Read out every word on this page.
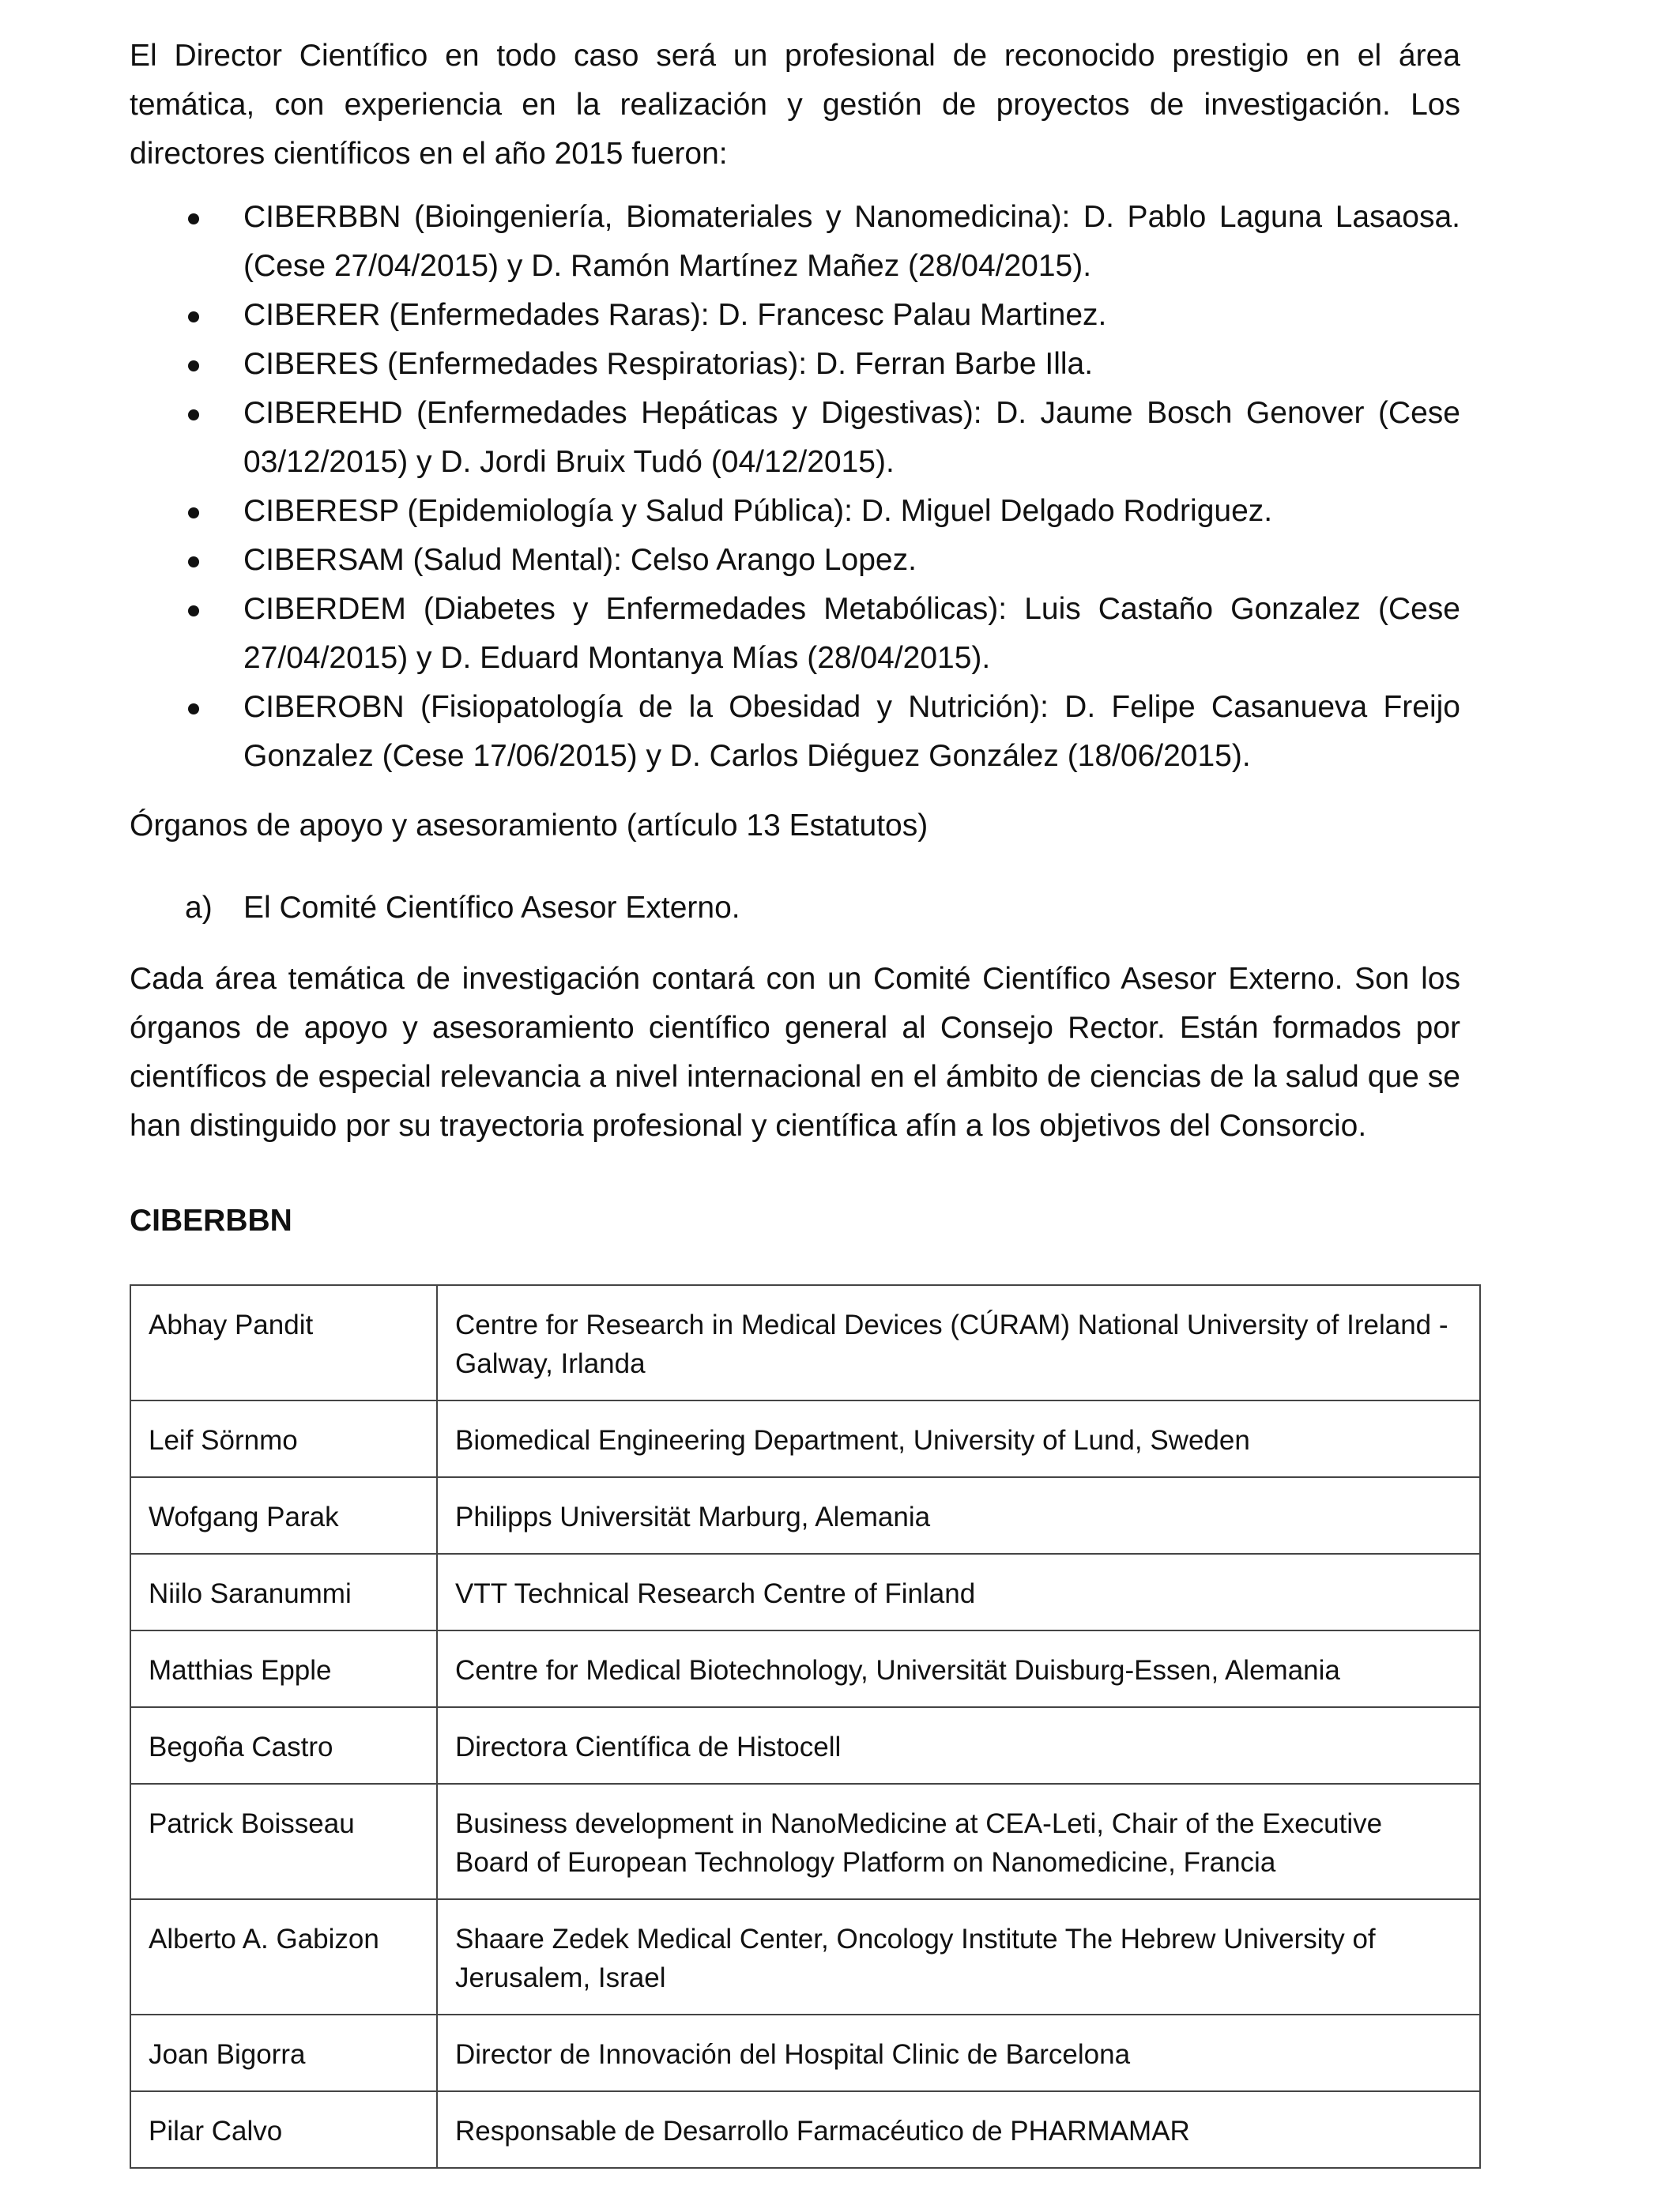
El Director Científico en todo caso será un profesional de reconocido prestigio en el área temática, con experiencia en la realización y gestión de proyectos de investigación. Los directores científicos en el año 2015 fueron:

CIBERBBN (Bioingeniería, Biomateriales y Nanomedicina): D. Pablo Laguna Lasaosa. (Cese 27/04/2015) y D. Ramón Martínez Mañez (28/04/2015).
CIBERER (Enfermedades Raras): D. Francesc Palau Martinez.
CIBERES (Enfermedades Respiratorias): D. Ferran Barbe Illa.
CIBEREHD (Enfermedades Hepáticas y Digestivas): D. Jaume Bosch Genover (Cese 03/12/2015) y D. Jordi Bruix Tudó (04/12/2015).
CIBERESP (Epidemiología y Salud Pública): D. Miguel Delgado Rodriguez.
CIBERSAM (Salud Mental): Celso Arango Lopez.
CIBERDEM (Diabetes y Enfermedades Metabólicas): Luis Castaño Gonzalez (Cese 27/04/2015) y D. Eduard Montanya Mías (28/04/2015).
CIBEROBN (Fisiopatología de la Obesidad y Nutrición): D. Felipe Casanueva Freijo Gonzalez (Cese 17/06/2015) y D. Carlos Diéguez González (18/06/2015).

Órganos de apoyo y asesoramiento (artículo 13 Estatutos)

a) El Comité Científico Asesor Externo.

Cada área temática de investigación contará con un Comité Científico Asesor Externo. Son los órganos de apoyo y asesoramiento científico general al Consejo Rector. Están formados por científicos de especial relevancia a nivel internacional en el ámbito de ciencias de la salud que se han distinguido por su trayectoria profesional y científica afín a los objetivos del Consorcio.

CIBERBBN
Abhay Pandit	Centre for Research in Medical Devices (CÚRAM) National University of Ireland - Galway, Irlanda
Leif Sörnmo	Biomedical Engineering Department, University of Lund, Sweden
Wofgang Parak	Philipps Universität Marburg, Alemania
Niilo Saranummi	VTT Technical Research Centre of Finland
Matthias Epple	Centre for Medical Biotechnology, Universität Duisburg-Essen, Alemania
Begoña Castro	Directora Científica de Histocell
Patrick Boisseau	Business development in NanoMedicine at CEA-Leti, Chair of the Executive Board of European Technology Platform on Nanomedicine, Francia
Alberto A. Gabizon	Shaare Zedek Medical Center, Oncology Institute The Hebrew University of Jerusalem, Israel
Joan Bigorra	Director de Innovación del Hospital Clinic de Barcelona
Pilar Calvo	Responsable de Desarrollo Farmacéutico de PHARMAMAR
